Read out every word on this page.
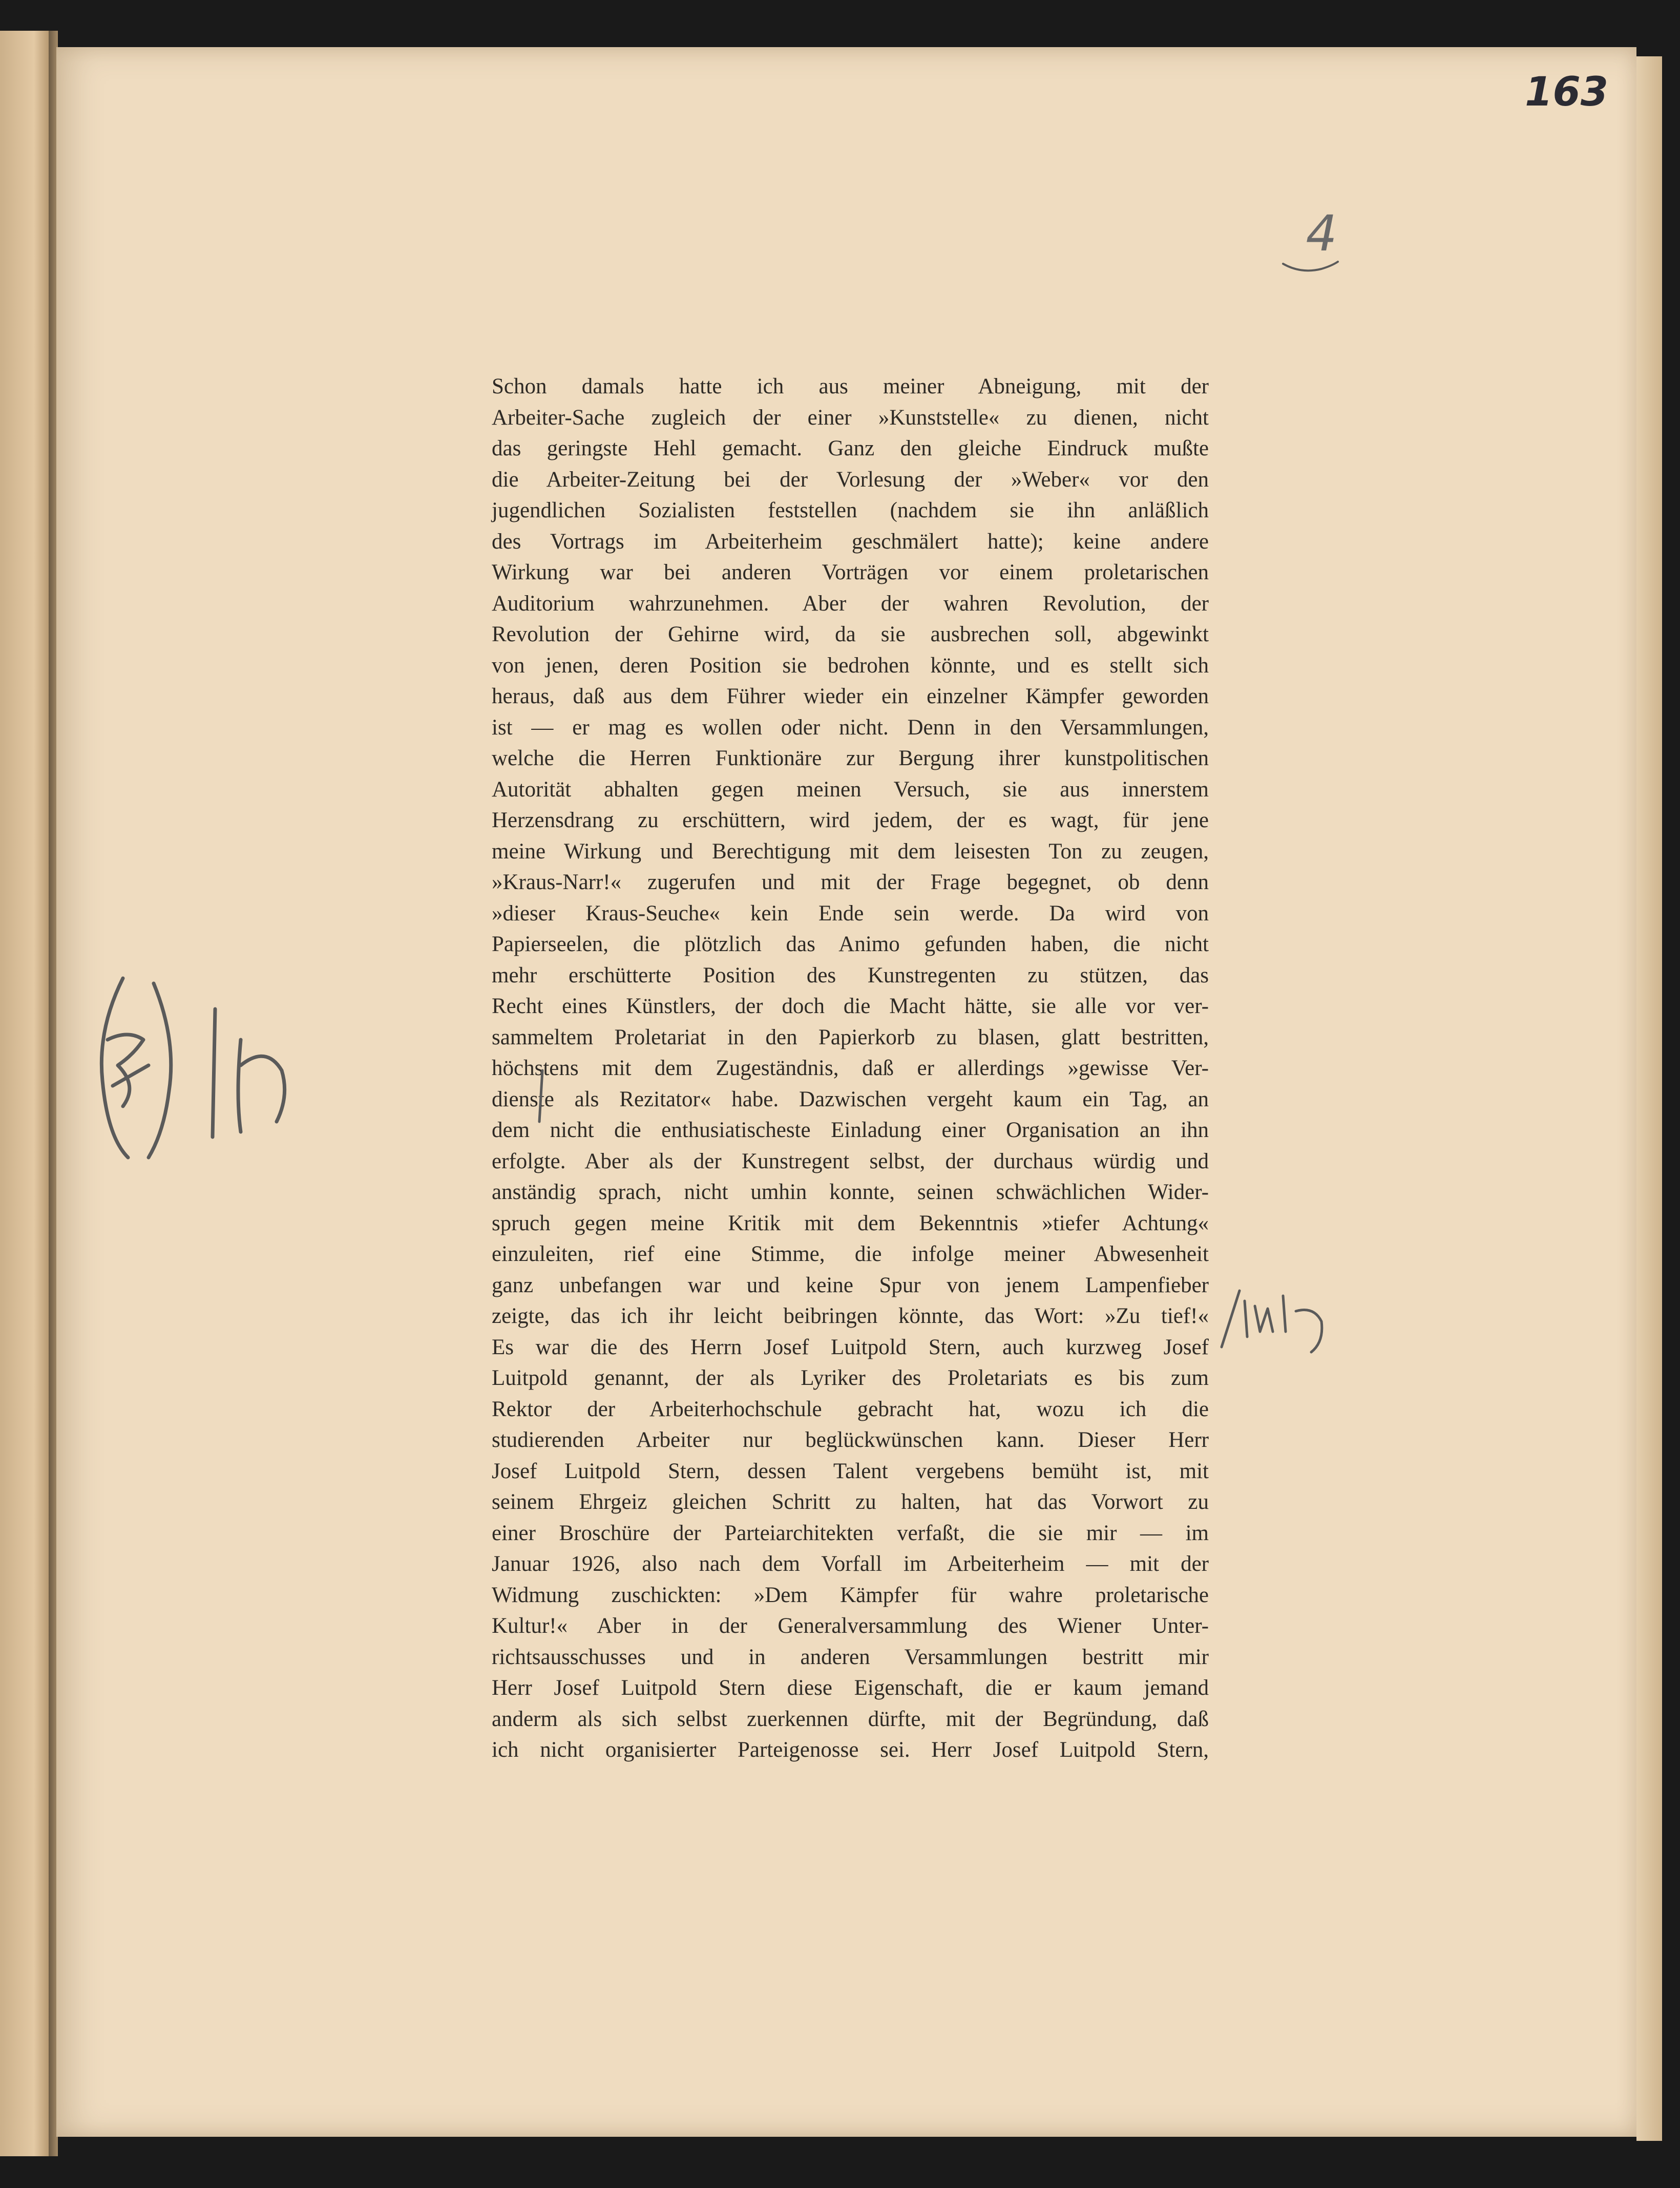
163
4
Schon damals hatte ich aus meiner Abneigung, mit der
Arbeiter-Sache zugleich der einer »Kunststelle« zu dienen, nicht
das geringste Hehl gemacht. Ganz den gleiche Eindruck mußte
die Arbeiter-Zeitung bei der Vorlesung der »Weber« vor den
jugendlichen Sozialisten feststellen (nachdem sie ihn anläßlich
des Vortrags im Arbeiterheim geschmälert hatte); keine andere
Wirkung war bei anderen Vorträgen vor einem proletarischen
Auditorium wahrzunehmen. Aber der wahren Revolution, der
Revolution der Gehirne wird, da sie ausbrechen soll, abgewinkt
von jenen, deren Position sie bedrohen könnte, und es stellt sich
heraus, daß aus dem Führer wieder ein einzelner Kämpfer geworden
ist — er mag es wollen oder nicht. Denn in den Versammlungen,
welche die Herren Funktionäre zur Bergung ihrer kunstpolitischen
Autorität abhalten gegen meinen Versuch, sie aus innerstem
Herzensdrang zu erschüttern, wird jedem, der es wagt, für jene
meine Wirkung und Berechtigung mit dem leisesten Ton zu zeugen,
»Kraus-Narr!« zugerufen und mit der Frage begegnet, ob denn
»dieser Kraus-Seuche« kein Ende sein werde. Da wird von
Papierseelen, die plötzlich das Animo gefunden haben, die nicht
mehr erschütterte Position des Kunstregenten zu stützen, das
Recht eines Künstlers, der doch die Macht hätte, sie alle vor ver-
sammeltem Proletariat in den Papierkorb zu blasen, glatt bestritten,
höchstens mit dem Zugeständnis, daß er allerdings »gewisse Ver-
dienste als Rezitator« habe. Dazwischen vergeht kaum ein Tag, an
dem nicht die enthusiatischeste Einladung einer Organisation an ihn
erfolgte. Aber als der Kunstregent selbst, der durchaus würdig und
anständig sprach, nicht umhin konnte, seinen schwächlichen Wider-
spruch gegen meine Kritik mit dem Bekenntnis »tiefer Achtung«
einzuleiten, rief eine Stimme, die infolge meiner Abwesenheit
ganz unbefangen war und keine Spur von jenem Lampenfieber
zeigte, das ich ihr leicht beibringen könnte, das Wort: »Zu tief!«
Es war die des Herrn Josef Luitpold Stern, auch kurzweg Josef
Luitpold genannt, der als Lyriker des Proletariats es bis zum
Rektor der Arbeiterhochschule gebracht hat, wozu ich die
studierenden Arbeiter nur beglückwünschen kann. Dieser Herr
Josef Luitpold Stern, dessen Talent vergebens bemüht ist, mit
seinem Ehrgeiz gleichen Schritt zu halten, hat das Vorwort zu
einer Broschüre der Parteiarchitekten verfaßt, die sie mir — im
Januar 1926, also nach dem Vorfall im Arbeiterheim — mit der
Widmung zuschickten: »Dem Kämpfer für wahre proletarische
Kultur!« Aber in der Generalversammlung des Wiener Unter-
richtsausschusses und in anderen Versammlungen bestritt mir
Herr Josef Luitpold Stern diese Eigenschaft, die er kaum jemand
anderm als sich selbst zuerkennen dürfte, mit der Begründung, daß
ich nicht organisierter Parteigenosse sei. Herr Josef Luitpold Stern,
